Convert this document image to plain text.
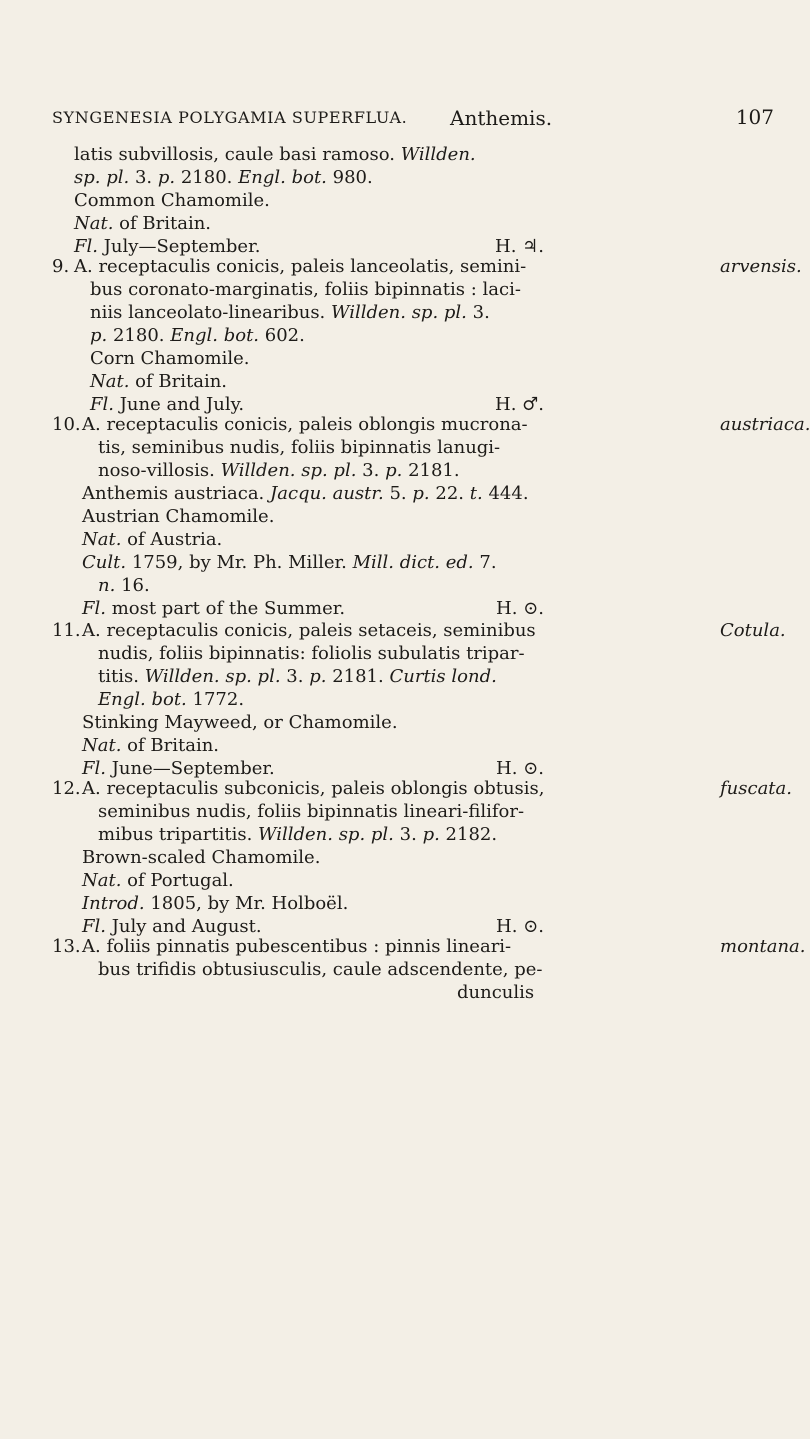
SYNGENESIA POLYGAMIA SUPERFLUA. Anthemis.	107
latis subvillosis, caule basi ramoso. Willden.
sp. pl. 3. p. 2180. Engl. bot. 980.
Common Chamomile.
Nat. of Britain.
Fl. July—September.	H. ♃.
9. A. receptaculis conicis, paleis lanceolatis, semini-
bus coronato-marginatis, foliis bipinnatis : laci-
niis lanceolato-linearibus. Willden. sp. pl. 3.
p. 2180. Engl. bot. 602.
Corn Chamomile.
Nat. of Britain.
Fl. June and July.	H. ♂.
arvensis.
10. A. receptaculis conicis, paleis oblongis mucrona-
tis, seminibus nudis, foliis bipinnatis lanugi-
noso-villosis. Willden. sp. pl. 3. p. 2181.
Anthemis austriaca. Jacqu. austr. 5. p. 22. t. 444.
Austrian Chamomile.
Nat. of Austria.
Cult. 1759, by Mr. Ph. Miller. Mill. dict. ed. 7.
n. 16.
Fl. most part of the Summer.	H. ⊙.
austriaca.
11. A. receptaculis conicis, paleis setaceis, seminibus
nudis, foliis bipinnatis: foliolis subulatis tripar-
titis. Willden. sp. pl. 3. p. 2181. Curtis lond.
Engl. bot. 1772.
Stinking Mayweed, or Chamomile.
Nat. of Britain.
Fl. June—September.	H. ⊙.
Cotula.
12. A. receptaculis subconicis, paleis oblongis obtusis,
seminibus nudis, foliis bipinnatis lineari-filifor-
mibus tripartitis. Willden. sp. pl. 3. p. 2182.
Brown-scaled Chamomile.
Nat. of Portugal.
Introd. 1805, by Mr. Holboël.
Fl. July and August.	H. ⊙.
fuscata.
13. A. foliis pinnatis pubescentibus : pinnis lineari-
bus trifidis obtusiusculis, caule adscendente, pe-
dunculis
montana.
